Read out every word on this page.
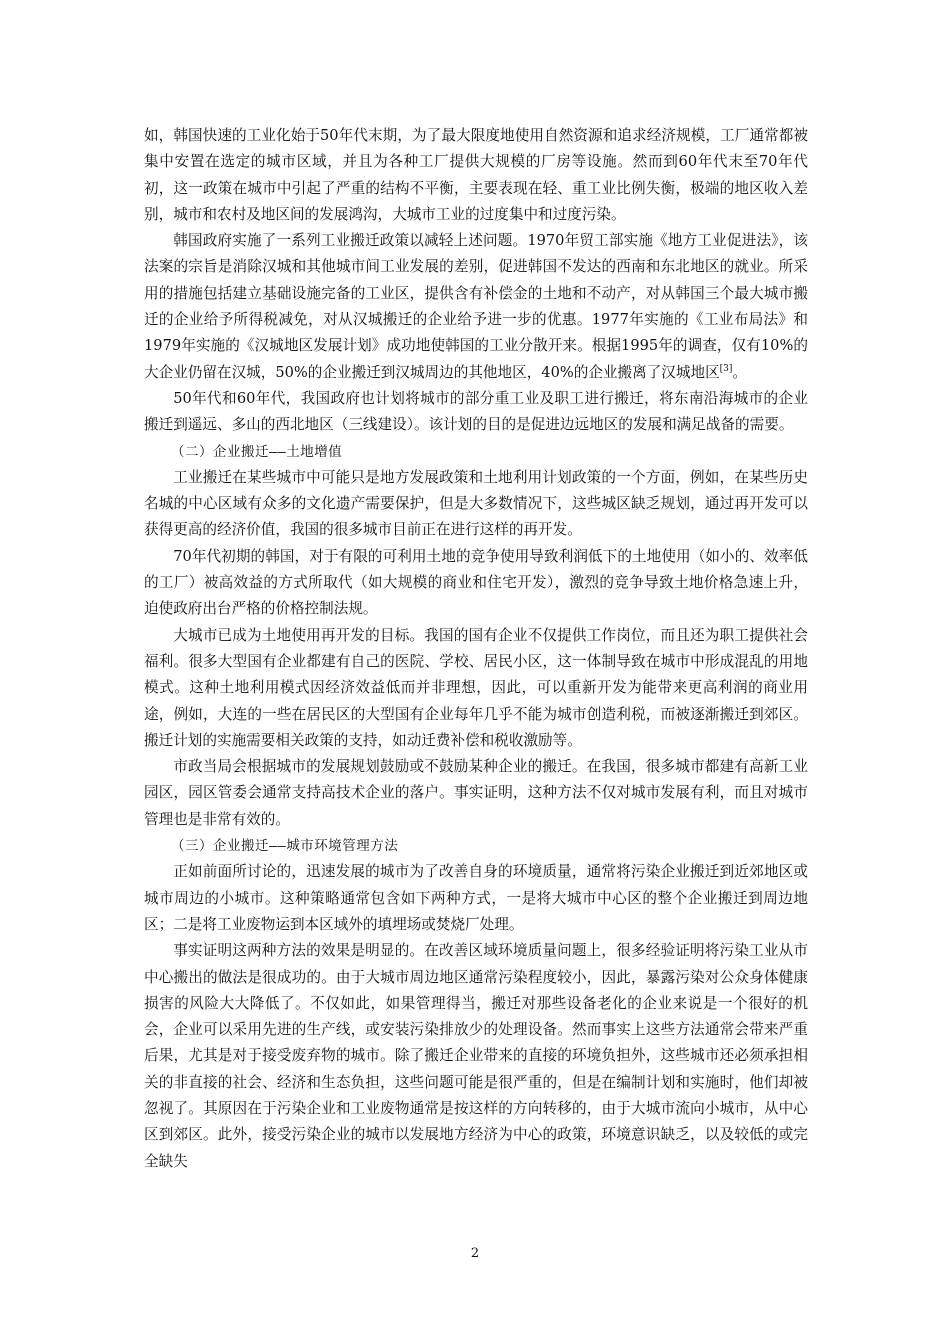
如，韩国快速的工业化始于50年代末期，为了最大限度地使用自然资源和追求经济规模，工厂通常都被集中安置在选定的城市区域，并且为各种工厂提供大规模的厂房等设施。然而到60年代末至70年代初，这一政策在城市中引起了严重的结构不平衡，主要表现在轻、重工业比例失衡，极端的地区收入差别，城市和农村及地区间的发展鸿沟，大城市工业的过度集中和过度污染。

韩国政府实施了一系列工业搬迁政策以减轻上述问题。1970年贸工部实施《地方工业促进法》，该法案的宗旨是消除汉城和其他城市间工业发展的差别，促进韩国不发达的西南和东北地区的就业。所采用的措施包括建立基础设施完备的工业区，提供含有补偿金的土地和不动产，对从韩国三个最大城市搬迁的企业给予所得税减免，对从汉城搬迁的企业给予进一步的优惠。1977年实施的《工业布局法》和1979年实施的《汉城地区发展计划》成功地使韩国的工业分散开来。根据1995年的调查，仅有10%的大企业仍留在汉城，50%的企业搬迁到汉城周边的其他地区，40%的企业搬离了汉城地区[3]。

50年代和60年代，我国政府也计划将城市的部分重工业及职工进行搬迁，将东南沿海城市的企业搬迁到遥远、多山的西北地区（三线建设）。该计划的目的是促进边远地区的发展和满足战备的需要。

（二）企业搬迁——土地增值

工业搬迁在某些城市中可能只是地方发展政策和土地利用计划政策的一个方面，例如，在某些历史名城的中心区域有众多的文化遗产需要保护，但是大多数情况下，这些城区缺乏规划，通过再开发可以获得更高的经济价值，我国的很多城市目前正在进行这样的再开发。

70年代初期的韩国，对于有限的可利用土地的竞争使用导致利润低下的土地使用（如小的、效率低的工厂）被高效益的方式所取代（如大规模的商业和住宅开发），激烈的竞争导致土地价格急速上升，迫使政府出台严格的价格控制法规。

大城市已成为土地使用再开发的目标。我国的国有企业不仅提供工作岗位，而且还为职工提供社会福利。很多大型国有企业都建有自己的医院、学校、居民小区，这一体制导致在城市中形成混乱的用地模式。这种土地利用模式因经济效益低而并非理想，因此，可以重新开发为能带来更高利润的商业用途，例如，大连的一些在居民区的大型国有企业每年几乎不能为城市创造利税，而被逐渐搬迁到郊区。搬迁计划的实施需要相关政策的支持，如动迁费补偿和税收激励等。

市政当局会根据城市的发展规划鼓励或不鼓励某种企业的搬迁。在我国，很多城市都建有高新工业园区，园区管委会通常支持高技术企业的落户。事实证明，这种方法不仅对城市发展有利，而且对城市管理也是非常有效的。

（三）企业搬迁——城市环境管理方法

正如前面所讨论的，迅速发展的城市为了改善自身的环境质量，通常将污染企业搬迁到近郊地区或城市周边的小城市。这种策略通常包含如下两种方式，一是将大城市中心区的整个企业搬迁到周边地区；二是将工业废物运到本区域外的填埋场或焚烧厂处理。

事实证明这两种方法的效果是明显的。在改善区域环境质量问题上，很多经验证明将污染工业从市中心搬出的做法是很成功的。由于大城市周边地区通常污染程度较小，因此，暴露污染对公众身体健康损害的风险大大降低了。不仅如此，如果管理得当，搬迁对那些设备老化的企业来说是一个很好的机会，企业可以采用先进的生产线，或安装污染排放少的处理设备。然而事实上这些方法通常会带来严重后果，尤其是对于接受废弃物的城市。除了搬迁企业带来的直接的环境负担外，这些城市还必须承担相关的非直接的社会、经济和生态负担，这些问题可能是很严重的，但是在编制计划和实施时，他们却被忽视了。其原因在于污染企业和工业废物通常是按这样的方向转移的，由于大城市流向小城市，从中心区到郊区。此外，接受污染企业的城市以发展地方经济为中心的政策，环境意识缺乏，以及较低的或完全缺失

2
